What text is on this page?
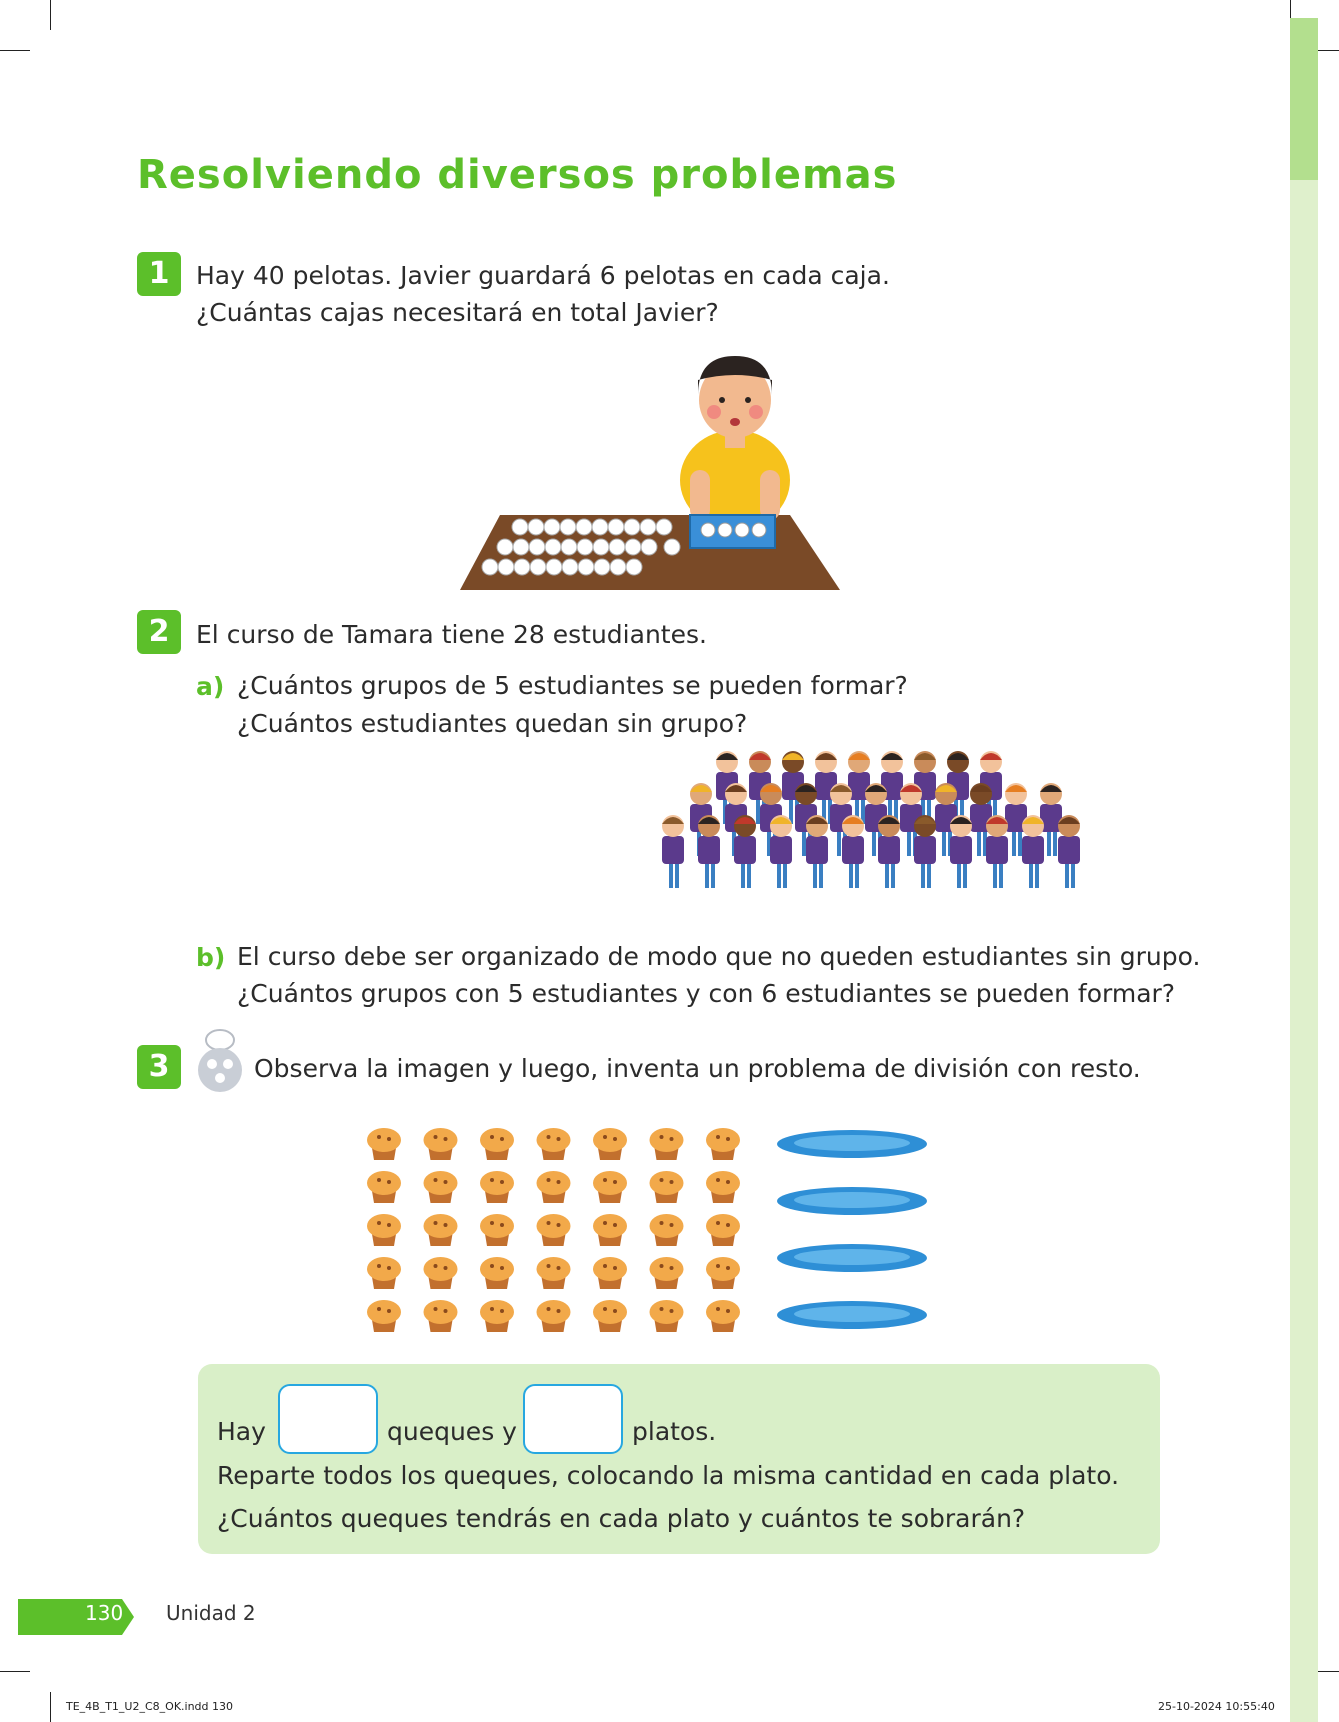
Resolviendo diversos problemas
1	Hay 40 pelotas. Javier guardará 6 pelotas en cada caja.
¿Cuántas cajas necesitará en total Javier?
2	El curso de Tamara tiene 28 estudiantes.
a) ¿Cuántos grupos de 5 estudiantes se pueden formar?
¿Cuántos estudiantes quedan sin grupo?
b) El curso debe ser organizado de modo que no queden estudiantes sin grupo.
¿Cuántos grupos con 5 estudiantes y con 6 estudiantes se pueden formar?
3	Observa la imagen y luego, inventa un problema de división con resto.
Hay	queques y	platos.
Reparte todos los queques, colocando la misma cantidad en cada plato.
¿Cuántos queques tendrás en cada plato y cuántos te sobrarán?
130 Unidad 2
TE_4B_T1_U2_C8_OK.indd 130	25-10-2024 10:55:40
